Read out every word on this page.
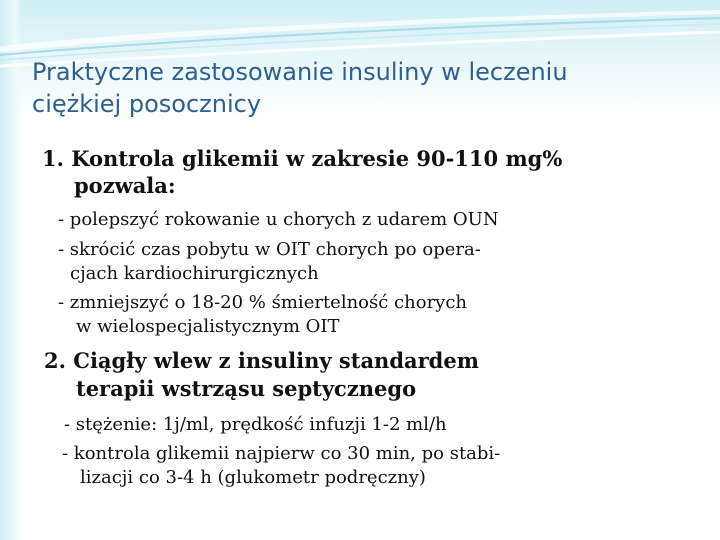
Praktyczne zastosowanie insuliny w leczeniu
ciężkiej posocznicy

1. Kontrola glikemii w zakresie 90-110 mg%

pozwala:

- polepszyć rokowanie u chorych z udarem OUN

- skrócić czas pobytu w OIT chorych po opera-

cjach kardiochirurgicznych

- zmniejszyć o 18-20 % śmiertelność chorych

w wielospecjalistycznym OIT

2. Ciągły wlew z insuliny standardem

terapii wstrząsu septycznego

- stężenie: 1j/ml, prędkość infuzji 1-2 ml/h

- kontrola glikemii najpierw co 30 min, po stabi-

lizacji co 3-4 h (glukometr podręczny)
